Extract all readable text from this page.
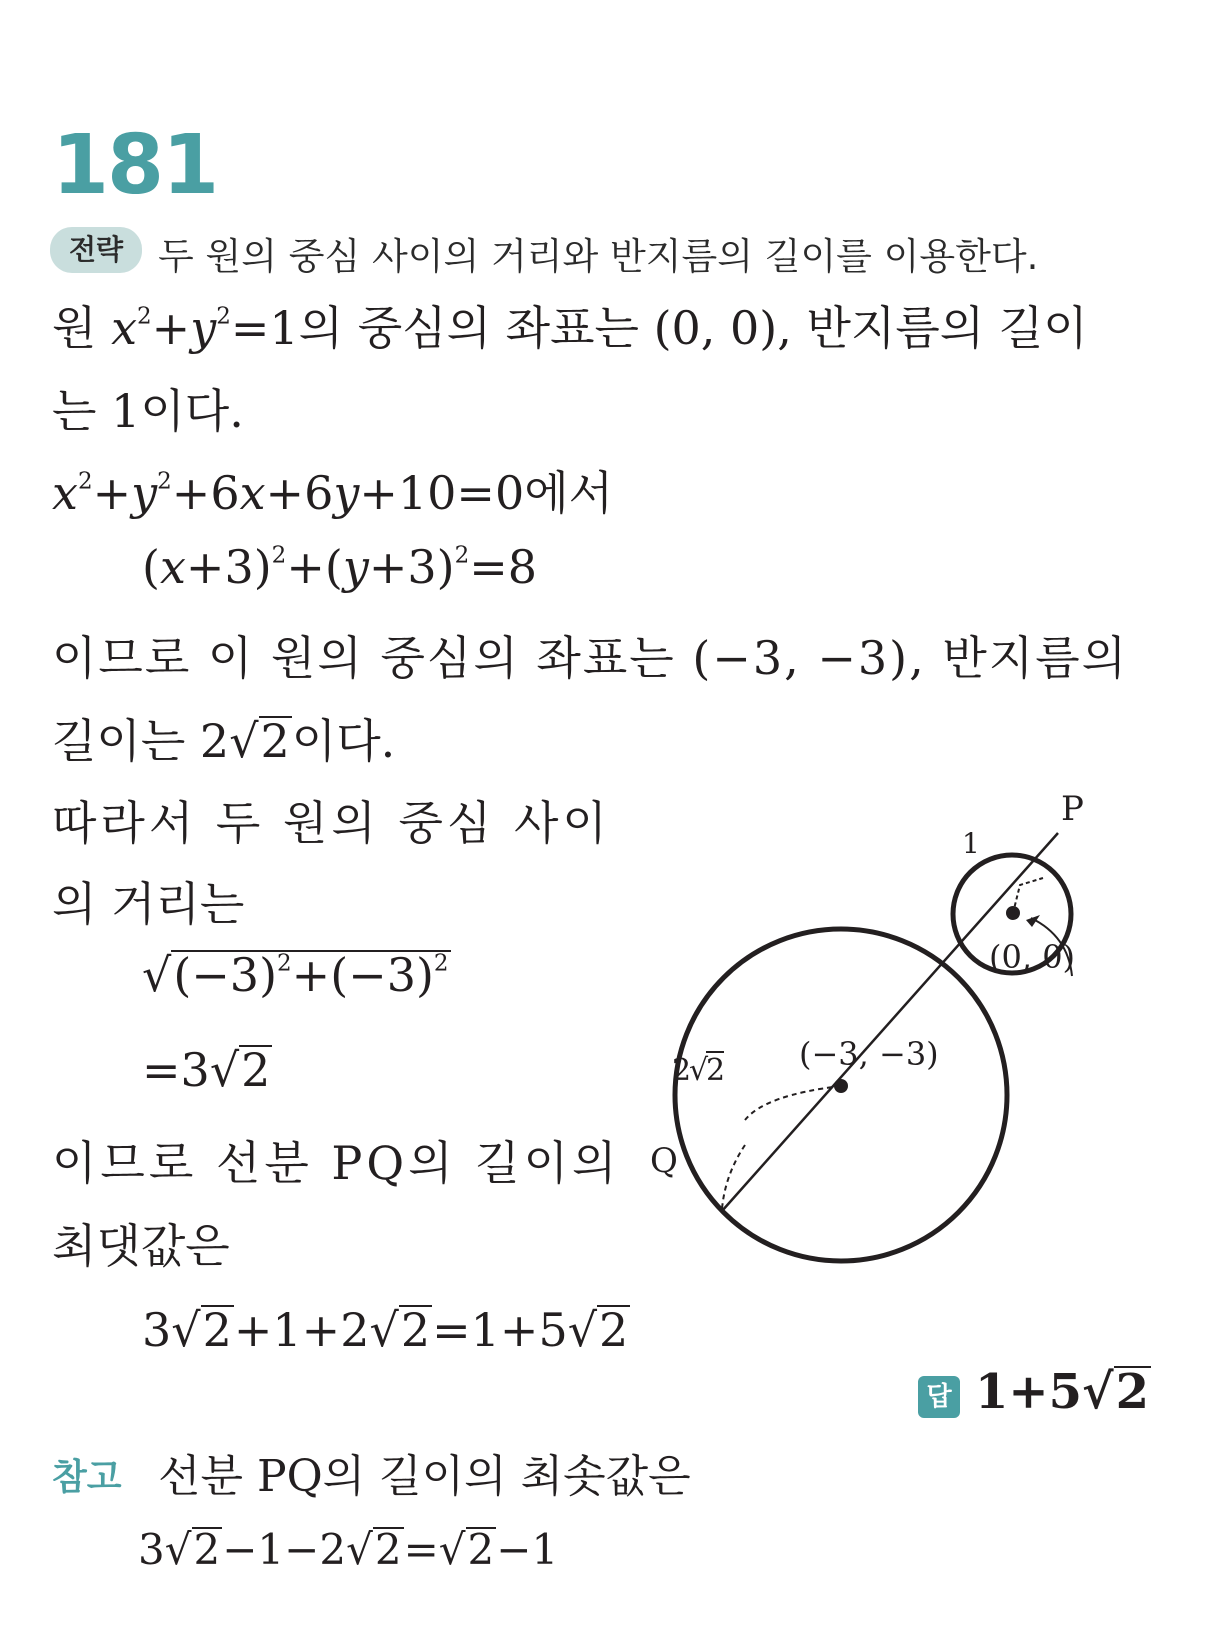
181
전략 두 원의 중심 사이의 거리와 반지름의 길이를 이용한다.
원 $x^2+y^2=1$의 중심의 좌표는 (0, 0), 반지름의 길이
는 1이다.
$x^2+y^2+6x+6y+10=0$에서
$(x+3)^2+(y+3)^2=8$
이므로 이 원의 중심의 좌표는 (−3, −3), 반지름의
길이는 2√2이다.
따라서 두 원의 중심 사이
의 거리는
$√(-3)^2+(-3)^2$
=3√2
이므로 선분 PQ의 길이의
최댓값은
3√2+1+2√2=1+5√2
답 1+5√2
참고 선분 PQ의 길이의 최솟값은
3√2−1−2√2=√2−1
P
1
(0, 0)
(−3, −3)
2
√
2
Q
